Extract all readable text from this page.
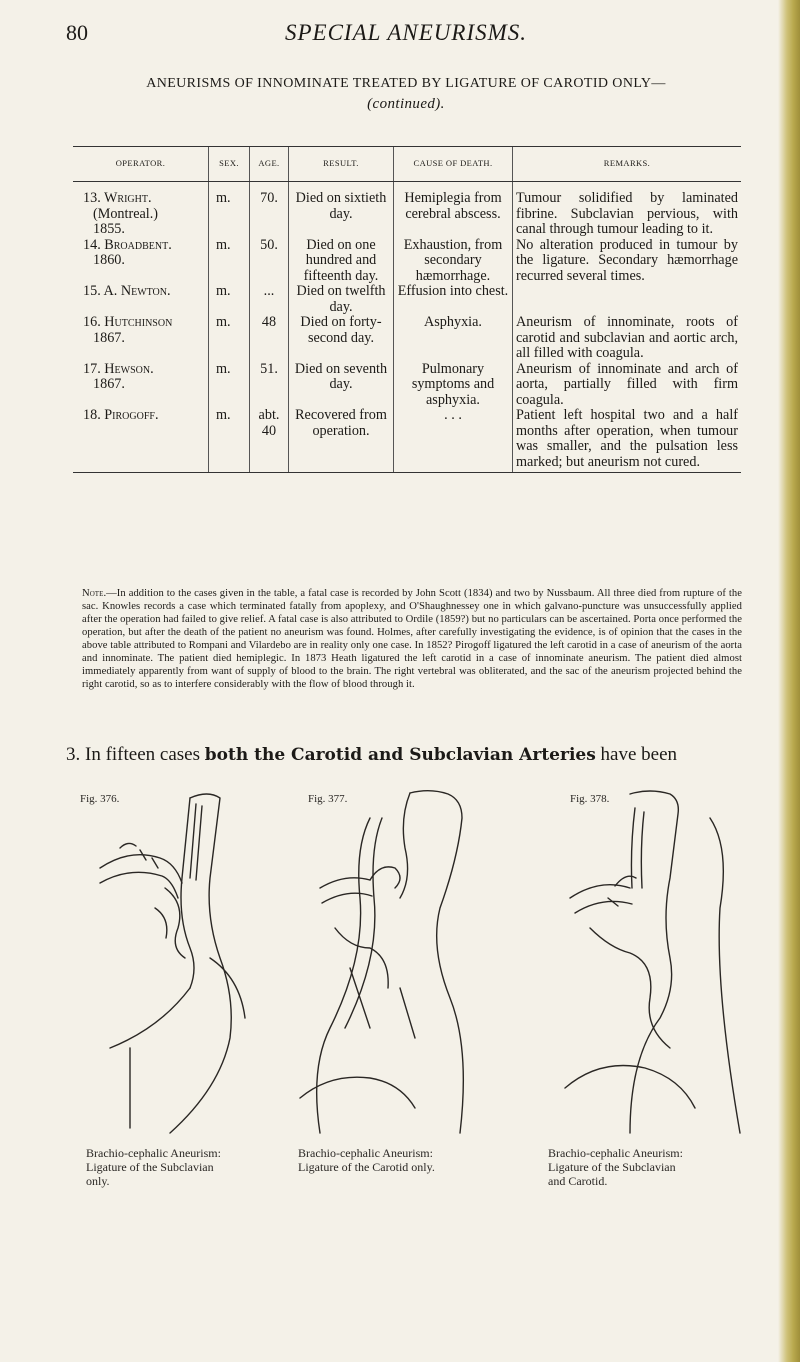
80	SPECIAL ANEURISMS.
ANEURISMS OF INNOMINATE TREATED BY LIGATURE OF CAROTID ONLY—
(continued).
OPERATOR.	SEX.	AGE.	RESULT.	CAUSE OF DEATH.	REMARKS.

13. Wright.
(Montreal.)
1855.	m.	70.	Died on sixtieth day.	Hemiplegia from cerebral abscess.	Tumour solidified by laminated fibrine. Subclavian pervious, with canal through tumour leading to it.

14. Broadbent.
1860.	m.	50.	Died on one hundred and fifteenth day.	Exhaustion, from secondary hæmorrhage.	No alteration produced in tumour by the ligature. Secondary hæmorrhage recurred several times.

15. A. Newton.	m.	...	Died on twelfth day.	Effusion into chest.	

16. Hutchinson
1867.	m.	48	Died on forty-second day.	Asphyxia.	Aneurism of innominate, roots of carotid and subclavian and aortic arch, all filled with coagula.

17. Hewson.
1867.	m.	51.	Died on seventh day.	Pulmonary symptoms and asphyxia.	Aneurism of innominate and arch of aorta, partially filled with firm coagula.

18. Pirogoff.	m.	abt. 40	Recovered from operation.	. . .	Patient left hospital two and a half months after operation, when tumour was smaller, and the pulsation less marked; but aneurism not cured.

Note.—In addition to the cases given in the table, a fatal case is recorded by John Scott (1834) and two by Nussbaum. All three died from rupture of the sac. Knowles records a case which terminated fatally from apoplexy, and O'Shaughnessey one in which galvano-puncture was unsuccessfully applied after the operation had failed to give relief. A fatal case is also attributed to Ordile (1859?) but no particulars can be ascertained. Porta once performed the operation, but after the death of the patient no aneurism was found. Holmes, after carefully investigating the evidence, is of opinion that the cases in the above table attributed to Rompani and Vilardebo are in reality only one case. In 1852? Pirogoff ligatured the left carotid in a case of aneurism of the aorta and innominate. The patient died hemiplegic. In 1873 Heath ligatured the left carotid in a case of innominate aneurism. The patient died almost immediately apparently from want of supply of blood to the brain. The right vertebral was obliterated, and the sac of the aneurism projected behind the right carotid, so as to interfere considerably with the flow of blood through it.

3. In fifteen cases both the Carotid and Subclavian Arteries have been
Fig. 376.	Fig. 377.	Fig. 378.
Brachio-cephalic Aneurism:
Ligature of the Subclavian
only.
Brachio-cephalic Aneurism:
Ligature of the Carotid only.
Brachio-cephalic Aneurism:
Ligature of the Subclavian
and Carotid.
